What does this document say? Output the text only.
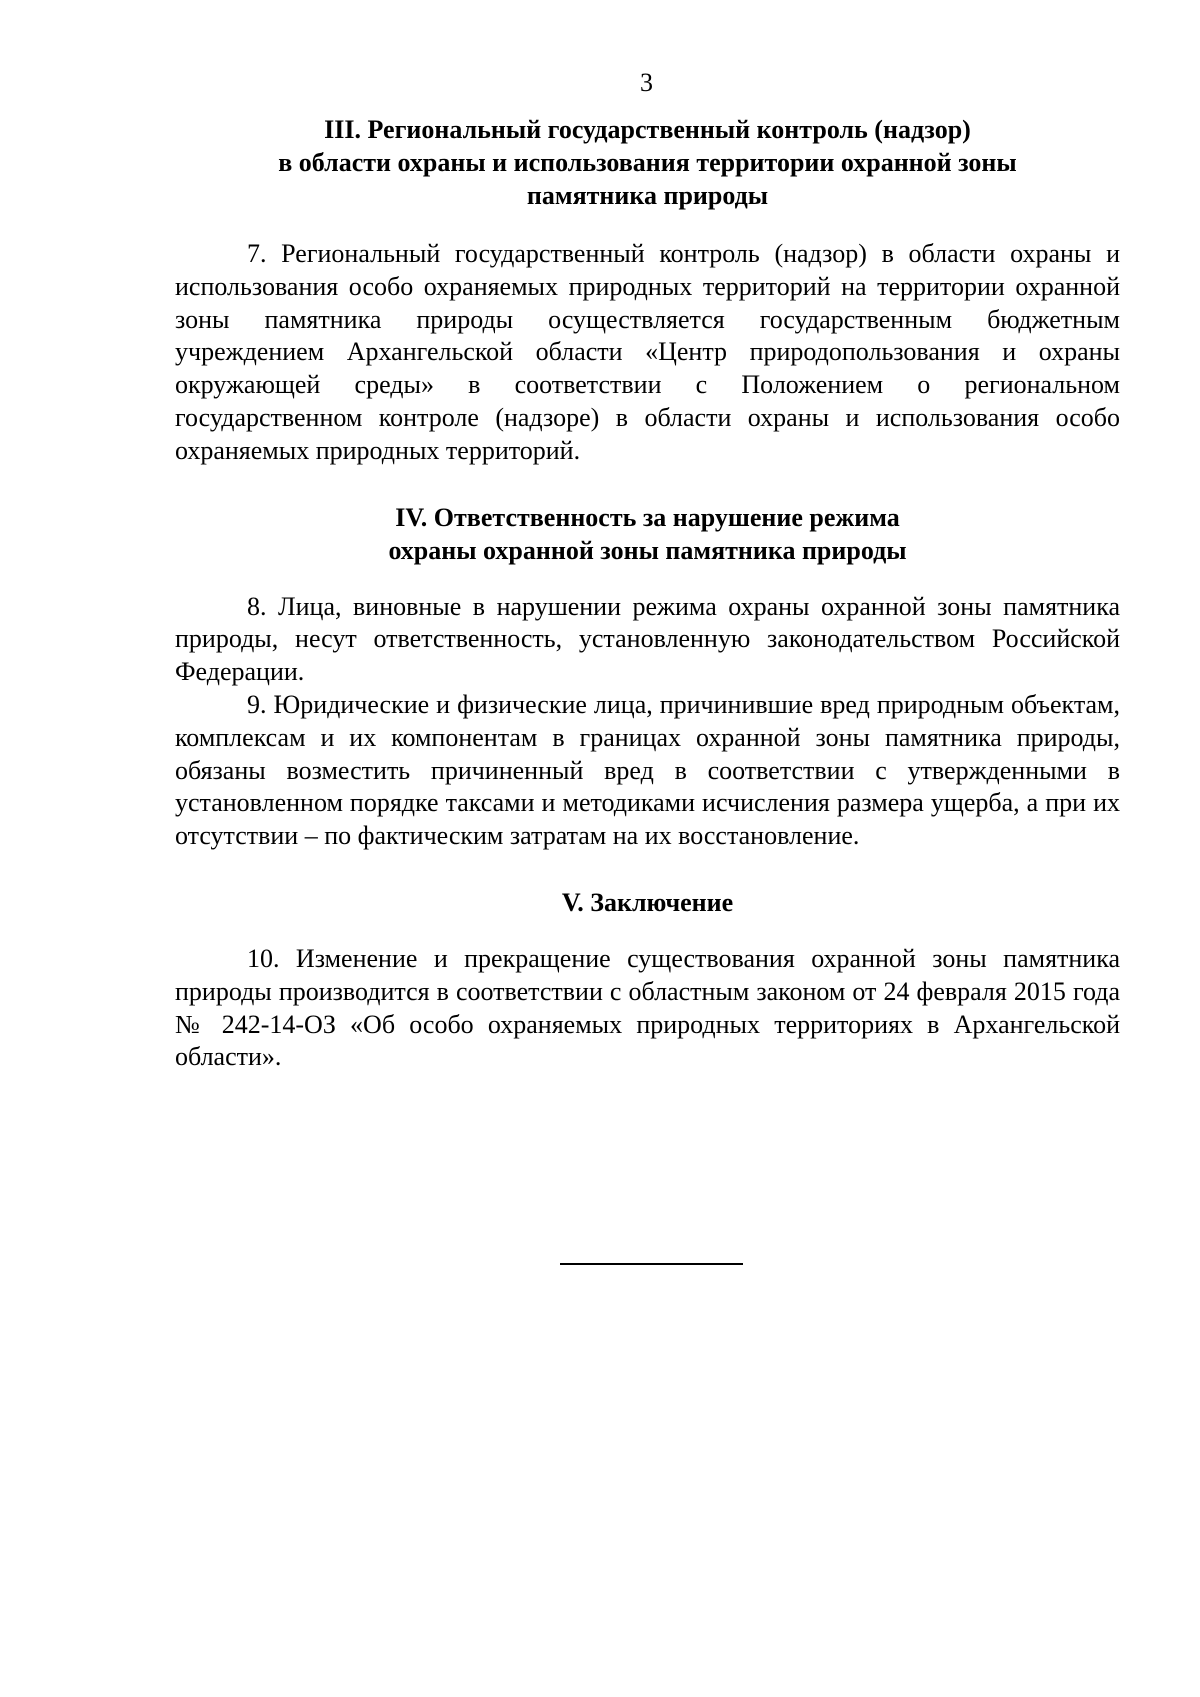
3
III. Региональный государственный контроль (надзор)
в области охраны и использования территории охранной зоны
памятника природы

7. Региональный государственный контроль (надзор) в области охраны и использования особо охраняемых природных территорий на территории охранной зоны памятника природы осуществляется государственным бюджетным учреждением Архангельской области «Центр природопользования и охраны окружающей среды» в соответствии с Положением о региональном государственном контроле (надзоре) в области охраны и использования особо охраняемых природных территорий.

IV. Ответственность за нарушение режима
охраны охранной зоны памятника природы

8. Лица, виновные в нарушении режима охраны охранной зоны памятника природы, несут ответственность, установленную законодательством Российской Федерации.

9. Юридические и физические лица, причинившие вред природным объектам, комплексам и их компонентам в границах охранной зоны памятника природы, обязаны возместить причиненный вред в соответствии с утвержденными в установленном порядке таксами и методиками исчисления размера ущерба, а при их отсутствии – по фактическим затратам на их восстановление.

V. Заключение

10. Изменение и прекращение существования охранной зоны памятника природы производится в соответствии с областным законом от 24 февраля 2015 года № 242-14-ОЗ «Об особо охраняемых природных территориях в Архангельской области».
